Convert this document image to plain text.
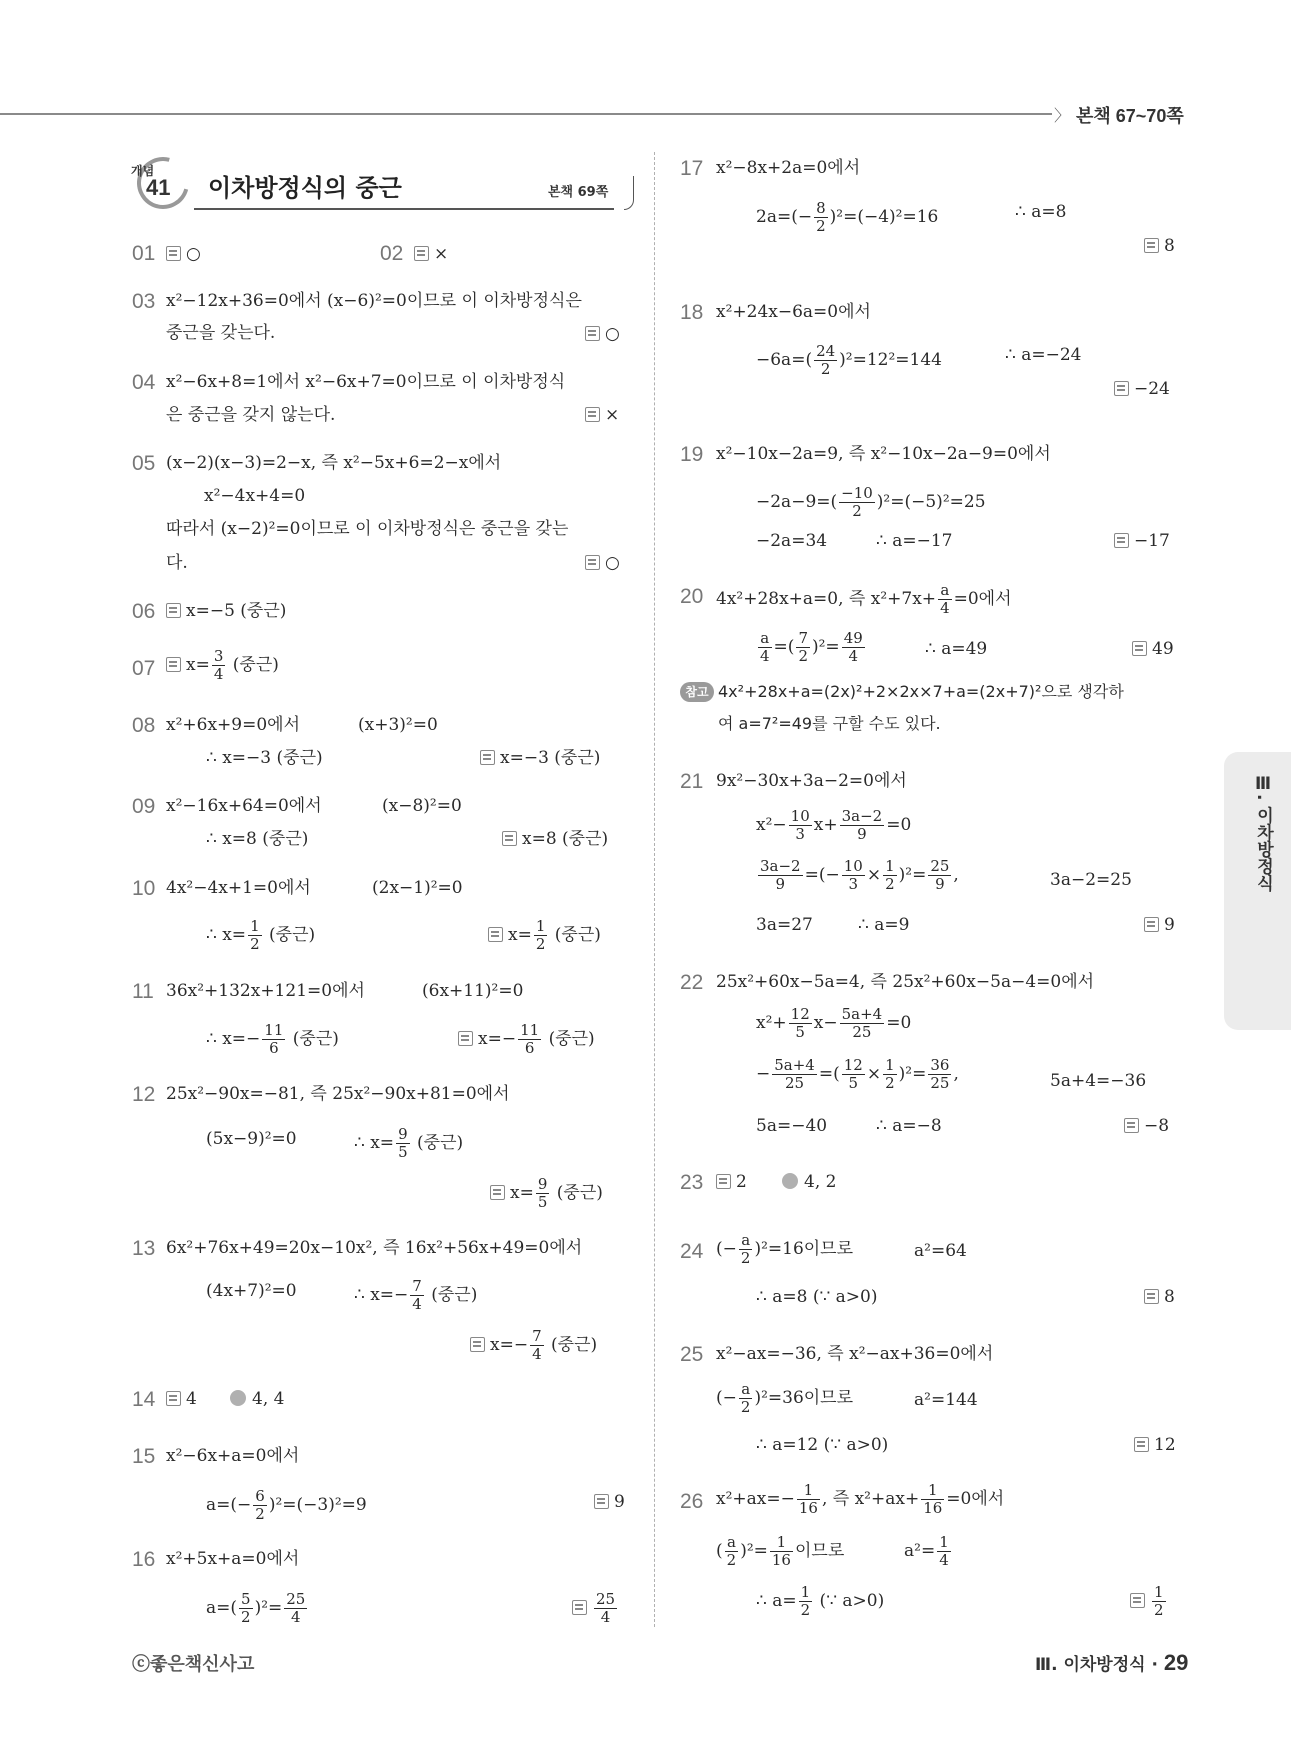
〉 본책 67~70쪽
개념
41 이차방정식의 중근	본책 69쪽
01	○	02	×
03 x²−12x+36=0에서 (x−6)²=0이므로 이 이차방정식은
중근을 갖는다.	○
04 x²−6x+8=1에서 x²−6x+7=0이므로 이 이차방정식
은 중근을 갖지 않는다.	×
05 (x−2)(x−3)=2−x, 즉 x²−5x+6=2−x에서
x²−4x+4=0
따라서 (x−2)²=0이므로 이 이차방정식은 중근을 갖는
다.	○
06	x=−5 (중근)
07	$x= \frac{3}{4}$ (중근)
08 x²+6x+9=0에서	(x+3)²=0
∴ x=−3 (중근)	x=−3 (중근)
09 x²−16x+64=0에서	(x−8)²=0
∴ x=8 (중근)	x=8 (중근)
10 4x²−4x+1=0에서	(2x−1)²=0
∴ $x= \frac{1}{2}$ (중근)	$x= \frac{1}{2}$ (중근)
11 36x²+132x+121=0에서	(6x+11)²=0
∴ $x=- \frac{11}{6}$ (중근)	$x=- \frac{11}{6}$ (중근)
12 25x²−90x=−81, 즉 25x²−90x+81=0에서
(5x−9)²=0	∴ $x= \frac{9}{5}$ (중근)
$x= \frac{9}{5}$ (중근)
13 6x²+76x+49=20x−10x², 즉 16x²+56x+49=0에서
(4x+7)²=0	∴ $x=- \frac{7}{4}$ (중근)
$x=- \frac{7}{4}$ (중근)
14	4	4, 4
15 x²−6x+a=0에서
$a=(- \frac{6}{2} )^2=(-3)^2=9$	9
16 x²+5x+a=0에서
$a=( \frac{5}{2} )^2= \frac{25}{4}$	$\frac{25}{4}$
17 x²−8x+2a=0에서
$2a=(- \frac{8}{2} )^2=(-4)^2=16$	∴ a=8
8
18 x²+24x−6a=0에서
$-6a=( \frac{24}{2} )^2=12^2=144$	∴ a=−24
−24
19 x²−10x−2a=9, 즉 x²−10x−2a−9=0에서
$-2a-9=( \frac{-10}{2} )^2=(-5)^2=25$
−2a=34	∴ a=−17	−17
20 4x²+28x+a=0, 즉 $x^2+7x+ \frac{a}{4} =0$에서
$\frac{a}{4}$ =( $\frac{7}{2} )^2= \frac{49}{4}$	∴ a=49	49
참고 4x²+28x+a=(2x)²+2×2x×7+a=(2x+7)²으로 생각하
여 a=7²=49를 구할 수도 있다.
21 9x²−30x+3a−2=0에서
$x^2- \frac{10}{3} x+ \frac{3a-2}{9} =0$
$\frac{3a-2}{9}$ =(− $\frac{10}{3} \times \frac{1}{2} )^2= \frac{25}{9}$ ,	3a−2=25
3a=27	∴ a=9	9
22 25x²+60x−5a=4, 즉 25x²+60x−5a−4=0에서
$x^2+ \frac{12}{5} x- \frac{5a+4}{25} =0$
− $\frac{5a+4}{25}$ =( $\frac{12}{5} \times \frac{1}{2} )^2= \frac{36}{25}$ ,	5a+4=−36
5a=−40	∴ a=−8	−8
23	2	4, 2
24 (− $\frac{a}{2} )^2=16$이므로	a²=64
∴ a=8 (∵ a>0)	8
25 x²−ax=−36, 즉 x²−ax+36=0에서
(− $\frac{a}{2} )^2=36$이므로	a²=144
∴ a=12 (∵ a>0)	12
26 $x^2+ax=- \frac{1}{16}$ , 즉 $x^2+ax+ \frac{1}{16} =0$에서
( $\frac{a}{2} )^2= \frac{1}{16}$ 이므로	$a^2= \frac{1}{4}$
∴ $a= \frac{1}{2}$ (∵ a>0)	$\frac{1}{2}$
Ⅲ. 이차방정식
ⓒ좋은책신사고	Ⅲ. 이차방정식 · 29
